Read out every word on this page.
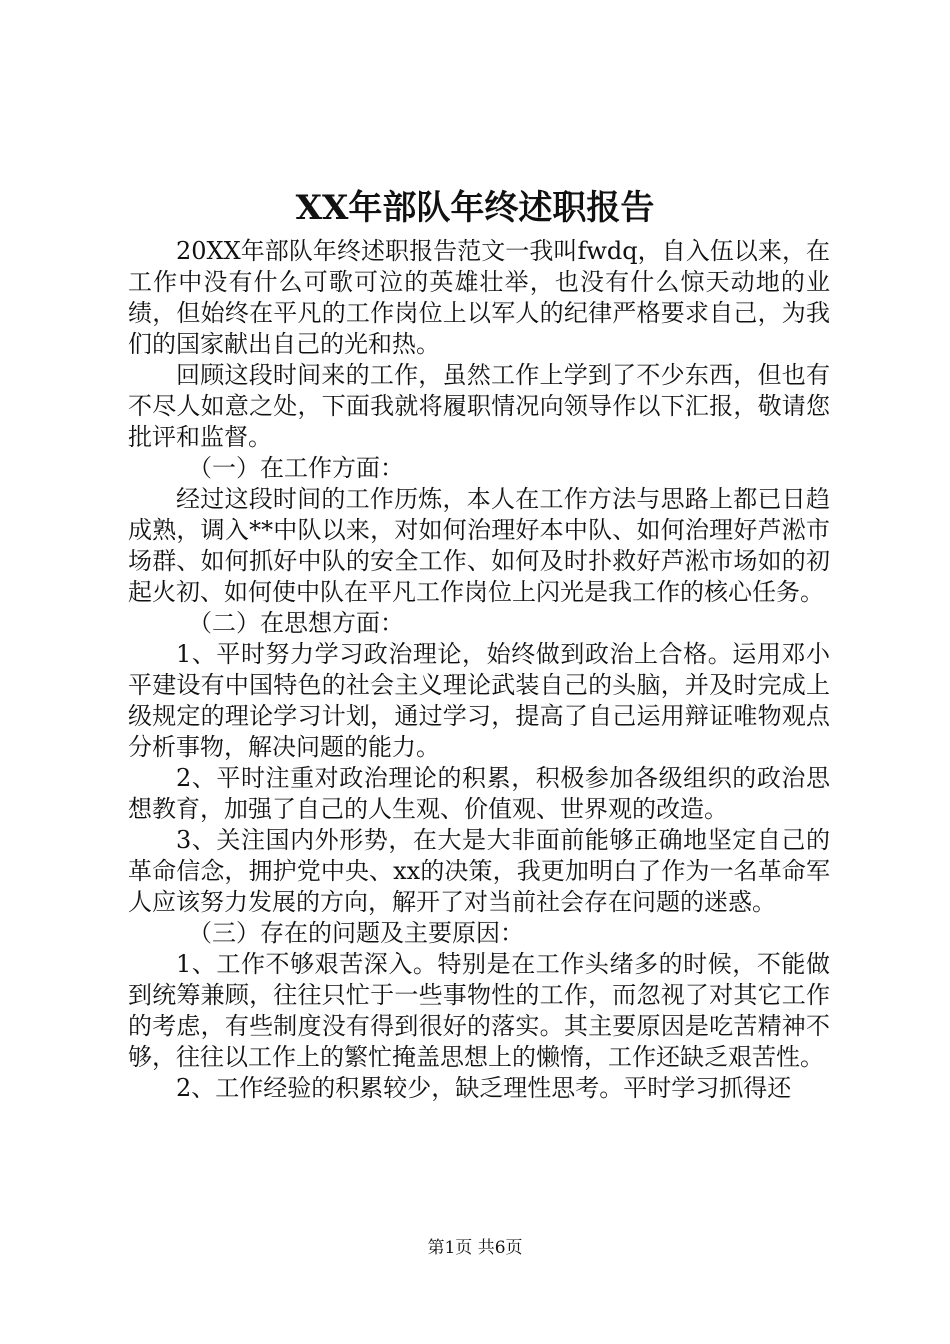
XX年部队年终述职报告

20XX年部队年终述职报告范文一我叫fwdq，自入伍以来，在工作中没有什么可歌可泣的英雄壮举，也没有什么惊天动地的业绩，但始终在平凡的工作岗位上以军人的纪律严格要求自己，为我们的国家献出自己的光和热。

回顾这段时间来的工作，虽然工作上学到了不少东西，但也有不尽人如意之处，下面我就将履职情况向领导作以下汇报，敬请您批评和监督。

（一）在工作方面：

经过这段时间的工作历炼，本人在工作方法与思路上都已日趋成熟，调入**中队以来，对如何治理好本中队、如何治理好芦淞市场群、如何抓好中队的安全工作、如何及时扑救好芦淞市场如的初起火初、如何使中队在平凡工作岗位上闪光是我工作的核心任务。

（二）在思想方面：

1、平时努力学习政治理论，始终做到政治上合格。运用邓小平建设有中国特色的社会主义理论武装自己的头脑，并及时完成上级规定的理论学习计划，通过学习，提高了自己运用辩证唯物观点分析事物，解决问题的能力。

2、平时注重对政治理论的积累，积极参加各级组织的政治思想教育，加强了自己的人生观、价值观、世界观的改造。

3、关注国内外形势，在大是大非面前能够正确地坚定自己的革命信念，拥护党中央、xx的决策，我更加明白了作为一名革命军人应该努力发展的方向，解开了对当前社会存在问题的迷惑。

（三）存在的问题及主要原因：

1、工作不够艰苦深入。特别是在工作头绪多的时候，不能做到统筹兼顾，往往只忙于一些事物性的工作，而忽视了对其它工作的考虑，有些制度没有得到很好的落实。其主要原因是吃苦精神不够，往往以工作上的繁忙掩盖思想上的懒惰，工作还缺乏艰苦性。

2、工作经验的积累较少，缺乏理性思考。平时学习抓得还

第1页 共6页
